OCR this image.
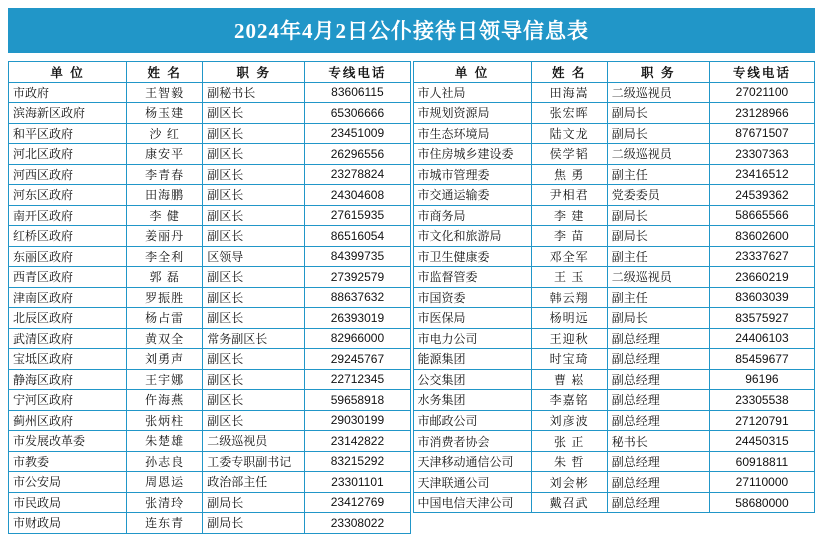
2024年4月2日公仆接待日领导信息表
单 位	姓 名	职 务	专线电话
市政府	王智毅	副秘书长	83606115
滨海新区政府	杨玉建	副区长	65306666
和平区政府	沙 红	副区长	23451009
河北区政府	康安平	副区长	26296556
河西区政府	李青春	副区长	23278824
河东区政府	田海鹏	副区长	24304608
南开区政府	李 健	副区长	27615935
红桥区政府	姜丽丹	副区长	86516054
东丽区政府	李全利	区领导	84399735
西青区政府	郭 磊	副区长	27392579
津南区政府	罗振胜	副区长	88637632
北辰区政府	杨占雷	副区长	26393019
武清区政府	黄双全	常务副区长	82966000
宝坻区政府	刘勇声	副区长	29245767
静海区政府	王宇娜	副区长	22712345
宁河区政府	仵海燕	副区长	59658918
蓟州区政府	张炳柱	副区长	29030199
市发展改革委	朱楚雄	二级巡视员	23142822
市教委	孙志良	工委专职副书记	83215292
市公安局	周恩运	政治部主任	23301101
市民政局	张清玲	副局长	23412769
市财政局	连东青	副局长	23308022
单 位	姓 名	职 务	专线电话
市人社局	田海嵩	二级巡视员	27021100
市规划资源局	张宏晖	副局长	23128966
市生态环境局	陆文龙	副局长	87671507
市住房城乡建设委	侯学韬	二级巡视员	23307363
市城市管理委	焦 勇	副主任	23416512
市交通运输委	尹相君	党委委员	24539362
市商务局	李 建	副局长	58665566
市文化和旅游局	李 苗	副局长	83602600
市卫生健康委	邓全军	副主任	23337627
市监督管委	王 玉	二级巡视员	23660219
市国资委	韩云翔	副主任	83603039
市医保局	杨明远	副局长	83575927
市电力公司	王迎秋	副总经理	24406103
能源集团	时宝琦	副总经理	85459677
公交集团	曹 崧	副总经理	96196
水务集团	李嘉铭	副总经理	23305538
市邮政公司	刘彦波	副总经理	27120791
市消费者协会	张 正	秘书长	24450315
天津移动通信公司	朱 哲	副总经理	60918811
天津联通公司	刘会彬	副总经理	27110000
中国电信天津公司	戴召武	副总经理	58680000
